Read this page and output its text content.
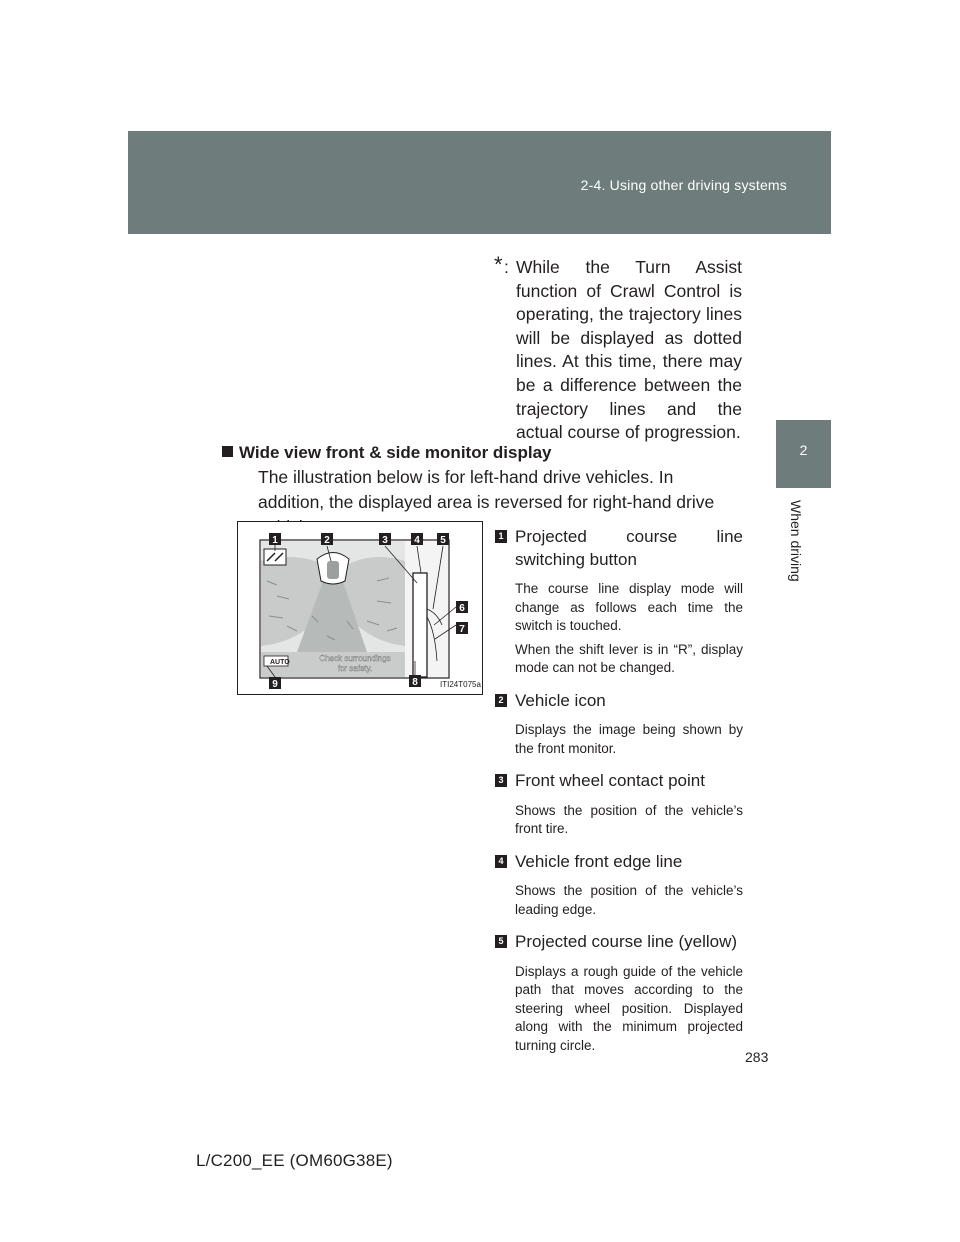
2-4. Using other driving systems
2
When driving
* : While the Turn Assist function of Crawl Control is operating, the trajectory lines will be displayed as dotted lines. At this time, there may be a difference between the trajectory lines and the actual course of progression.
Wide view front & side monitor display
The illustration below is for left-hand drive vehicles. In addition, the displayed area is reversed for right-hand drive
AUTO	Check surroundings
for safety.
1	2	3	4 5
6
7
8
9	ITI24T075a
1 Projected course line switching button

The course line display mode will change as follows each time the switch is touched.

When the shift lever is in “R”, display mode can not be changed.

2 Vehicle icon

Displays the image being shown by the front monitor.

3 Front wheel contact point

Shows the position of the vehicle’s front tire.

4 Vehicle front edge line

Shows the position of the vehicle’s leading edge.

5 Projected course line (yellow)

Displays a rough guide of the vehicle path that moves according to the steering wheel position. Displayed along with the minimum projected turning circle.

283
L/C200_EE (OM60G38E)
